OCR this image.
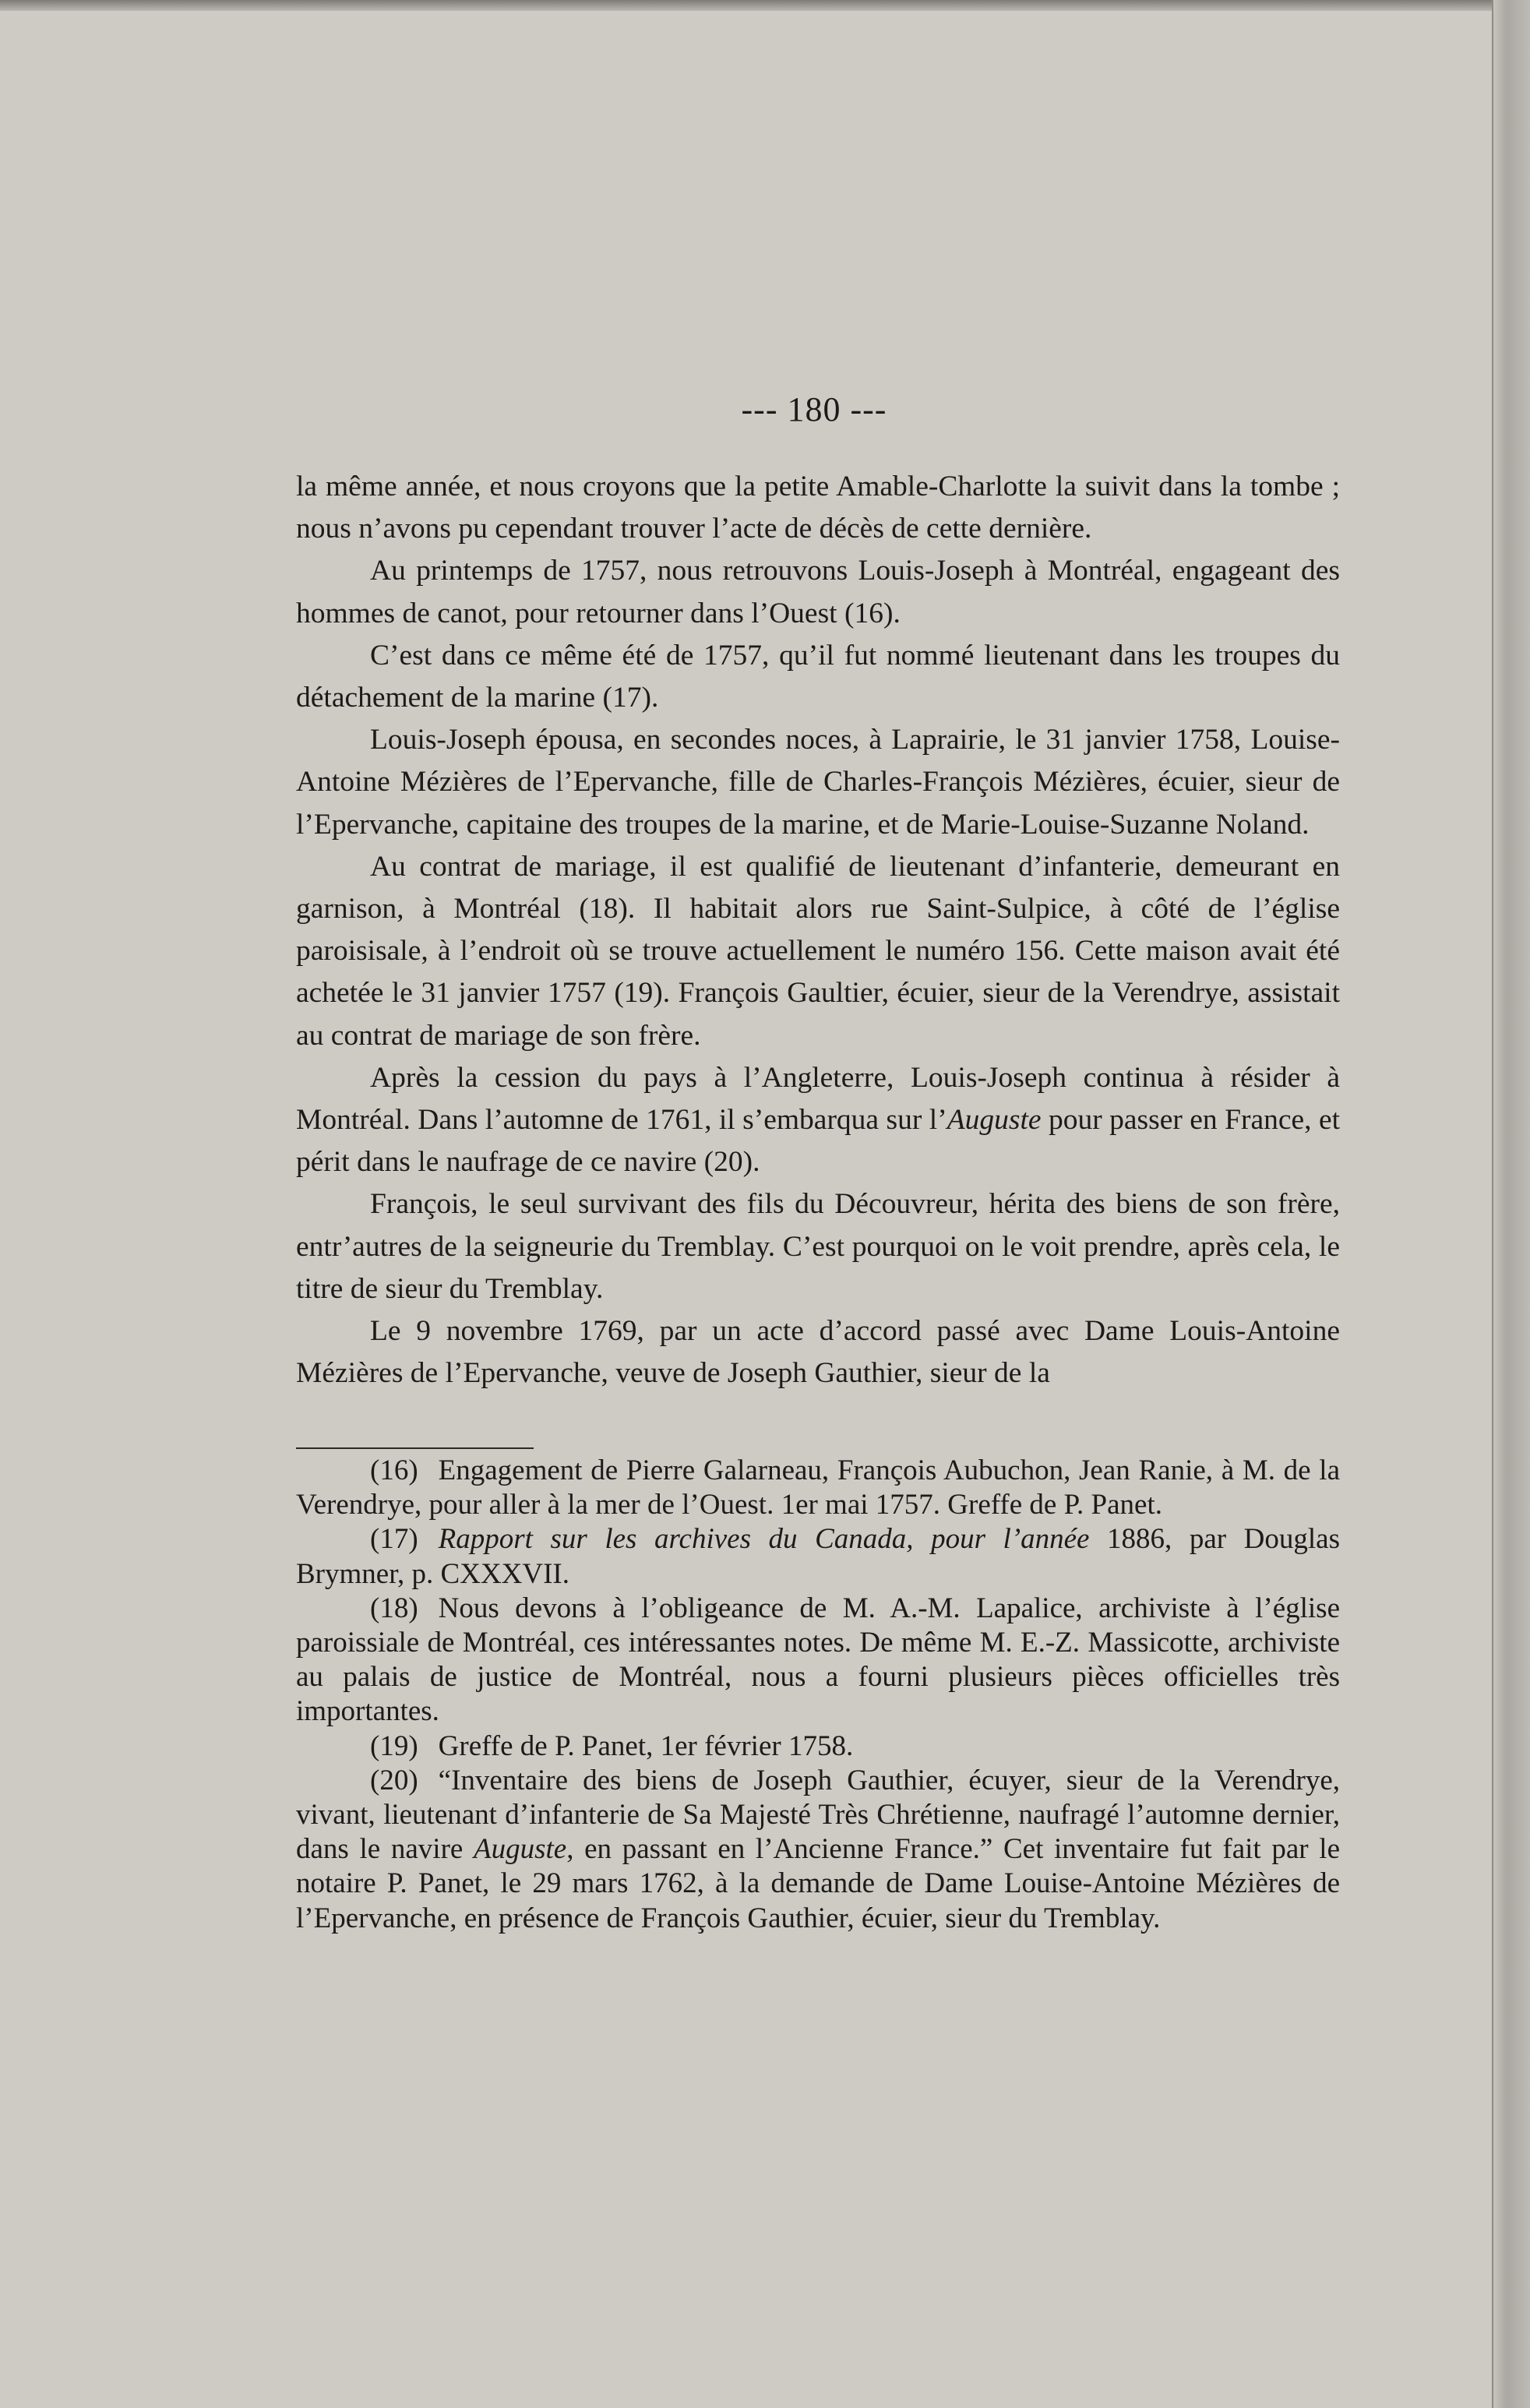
--- 180 ---

la même année, et nous croyons que la petite Amable-Charlotte la suivit dans la tombe ; nous n’avons pu cependant trouver l’acte de décès de cette dernière.

Au printemps de 1757, nous retrouvons Louis-Joseph à Montréal, engageant des hommes de canot, pour retourner dans l’Ouest (16).

C’est dans ce même été de 1757, qu’il fut nommé lieutenant dans les troupes du détachement de la marine (17).

Louis-Joseph épousa, en secondes noces, à Laprairie, le 31 janvier 1758, Louise-Antoine Mézières de l’Epervanche, fille de Charles-François Mézières, écuier, sieur de l’Epervanche, capitaine des troupes de la marine, et de Marie-Louise-Suzanne Noland.

Au contrat de mariage, il est qualifié de lieutenant d’infanterie, demeurant en garnison, à Montréal (18). Il habitait alors rue Saint-Sulpice, à côté de l’église paroisisale, à l’endroit où se trouve actuellement le numéro 156. Cette maison avait été achetée le 31 janvier 1757 (19). François Gaultier, écuier, sieur de la Verendrye, assistait au contrat de mariage de son frère.

Après la cession du pays à l’Angleterre, Louis-Joseph continua à résider à Montréal. Dans l’automne de 1761, il s’embarqua sur l’Auguste pour passer en France, et périt dans le naufrage de ce navire (20).

François, le seul survivant des fils du Découvreur, hérita des biens de son frère, entr’autres de la seigneurie du Tremblay. C’est pourquoi on le voit prendre, après cela, le titre de sieur du Tremblay.

Le 9 novembre 1769, par un acte d’accord passé avec Dame Louis-Antoine Mézières de l’Epervanche, veuve de Joseph Gauthier, sieur de la

(16) Engagement de Pierre Galarneau, François Aubuchon, Jean Ranie, à M. de la Verendrye, pour aller à la mer de l’Ouest. 1er mai 1757. Greffe de P. Panet.

(17) Rapport sur les archives du Canada, pour l’année 1886, par Douglas Brymner, p. CXXXVII.

(18) Nous devons à l’obligeance de M. A.-M. Lapalice, archiviste à l’église paroissiale de Montréal, ces intéressantes notes. De même M. E.-Z. Massicotte, archiviste au palais de justice de Montréal, nous a fourni plusieurs pièces officielles très importantes.

(19) Greffe de P. Panet, 1er février 1758.

(20) “Inventaire des biens de Joseph Gauthier, écuyer, sieur de la Verendrye, vivant, lieutenant d’infanterie de Sa Majesté Très Chrétienne, naufragé l’automne dernier, dans le navire Auguste, en passant en l’Ancienne France.” Cet inventaire fut fait par le notaire P. Panet, le 29 mars 1762, à la demande de Dame Louise-Antoine Mézières de l’Epervanche, en présence de François Gauthier, écuier, sieur du Tremblay.
